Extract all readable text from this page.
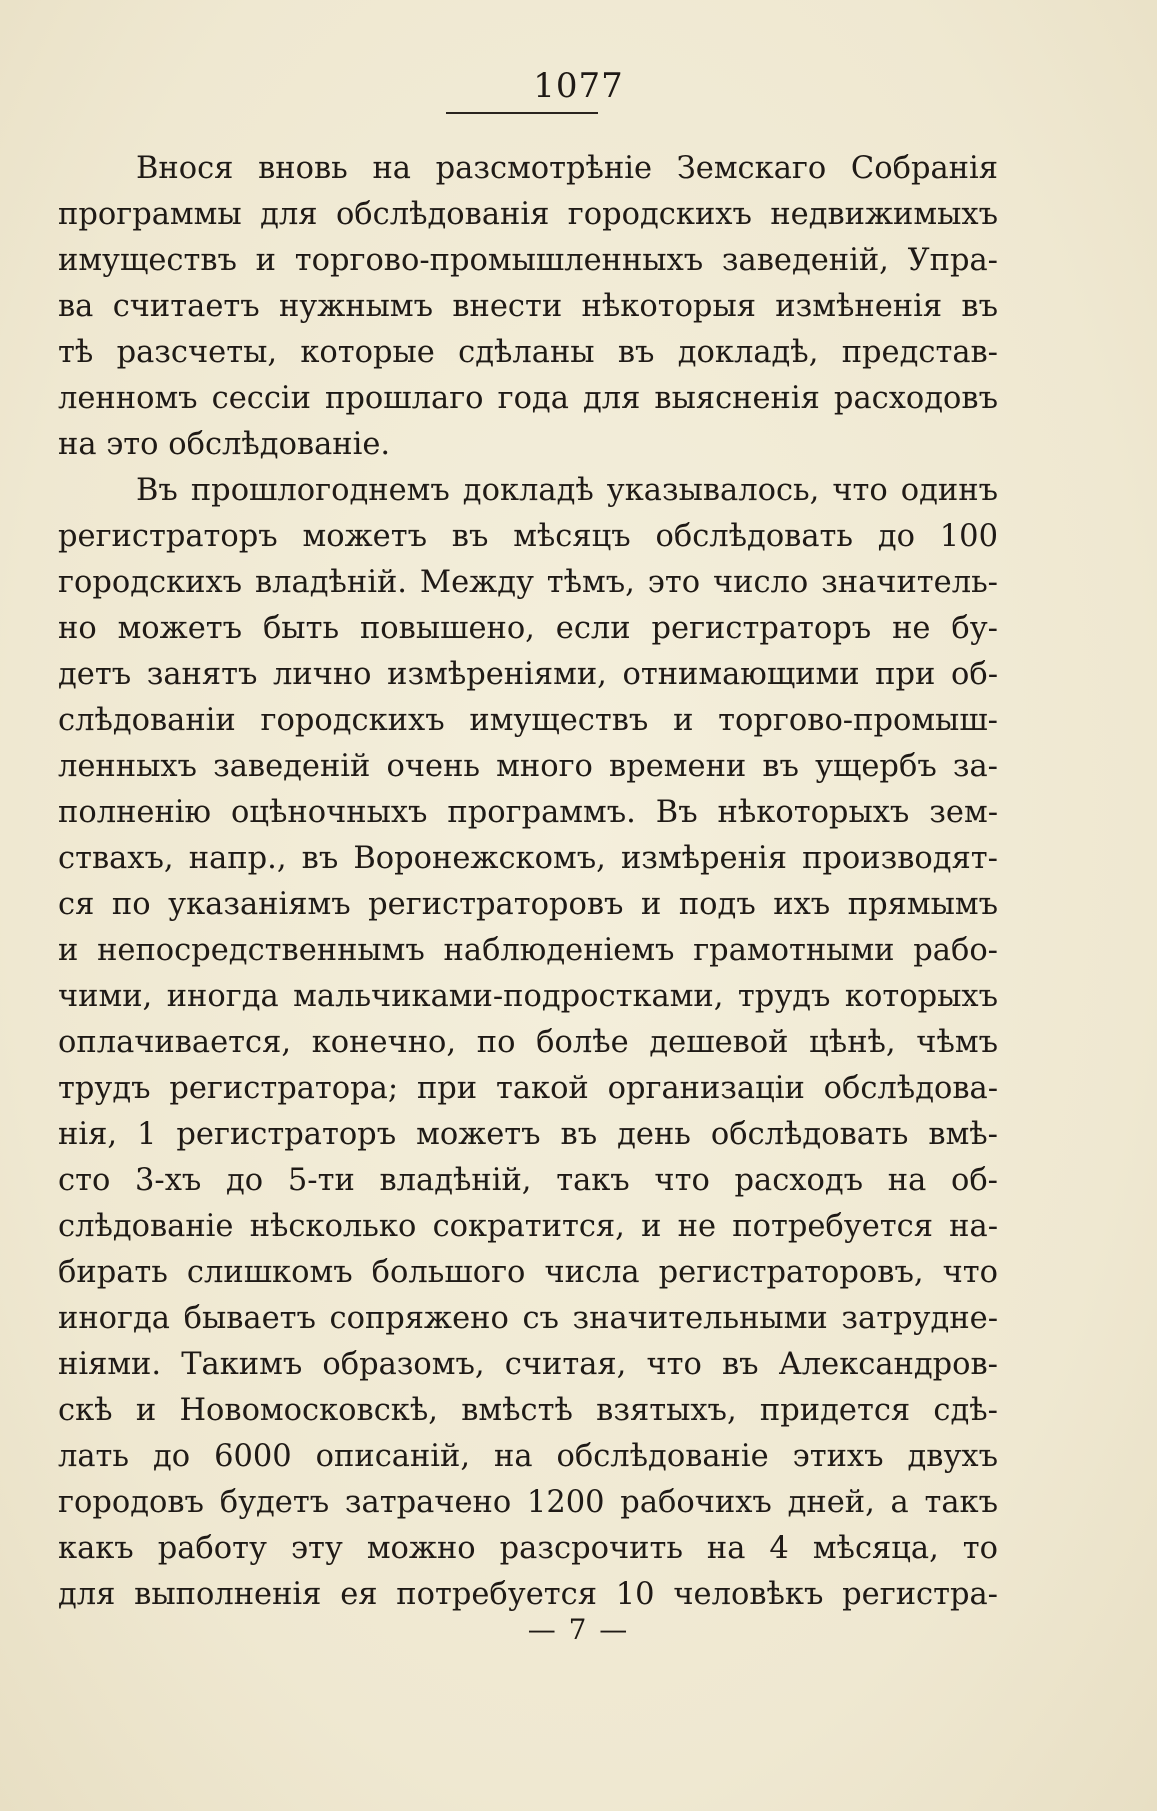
1077
Внося вновь на разсмотрѣніе Земскаго Собранія
программы для обслѣдованія городскихъ недвижимыхъ
имуществъ и торгово-промышленныхъ заведеній, Упра-
ва считаетъ нужнымъ внести нѣкоторыя измѣненія въ
тѣ разсчеты, которые сдѣланы въ докладѣ, представ-
ленномъ сессіи прошлаго года для выясненія расходовъ
на это обслѣдованіе.
Въ прошлогоднемъ докладѣ указывалось, что одинъ
регистраторъ можетъ въ мѣсяцъ обслѣдовать до 100
городскихъ владѣній. Между тѣмъ, это число значитель-
но можетъ быть повышено, если регистраторъ не бу-
детъ занятъ лично измѣреніями, отнимающими при об-
слѣдованіи городскихъ имуществъ и торгово-промыш-
ленныхъ заведеній очень много времени въ ущербъ за-
полненію оцѣночныхъ программъ. Въ нѣкоторыхъ зем-
ствахъ, напр., въ Воронежскомъ, измѣренія производят-
ся по указаніямъ регистраторовъ и подъ ихъ прямымъ
и непосредственнымъ наблюденіемъ грамотными рабо-
чими, иногда мальчиками-подростками, трудъ которыхъ
оплачивается, конечно, по болѣе дешевой цѣнѣ, чѣмъ
трудъ регистратора; при такой организаціи обслѣдова-
нія, 1 регистраторъ можетъ въ день обслѣдовать вмѣ-
сто 3-хъ до 5-ти владѣній, такъ что расходъ на об-
слѣдованіе нѣсколько сократится, и не потребуется на-
бирать слишкомъ большого числа регистраторовъ, что
иногда бываетъ сопряжено съ значительными затрудне-
ніями. Такимъ образомъ, считая, что въ Александров-
скѣ и Новомосковскѣ, вмѣстѣ взятыхъ, придется сдѣ-
лать до 6000 описаній, на обслѣдованіе этихъ двухъ
городовъ будетъ затрачено 1200 рабочихъ дней, а такъ
какъ работу эту можно разсрочить на 4 мѣсяца, то
для выполненія ея потребуется 10 человѣкъ регистра-
— 7 —
